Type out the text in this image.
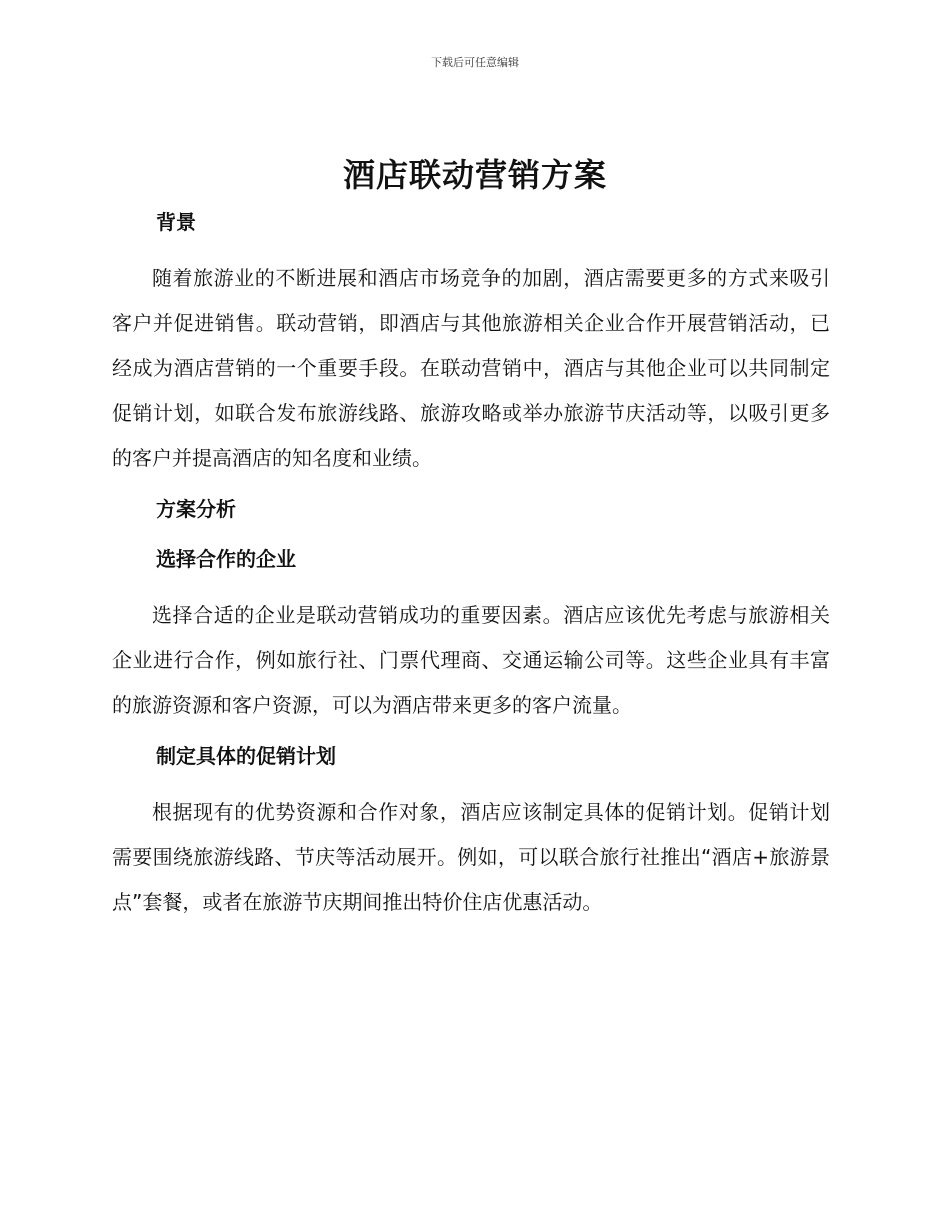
下载后可任意编辑
酒店联动营销方案
背景

随着旅游业的不断进展和酒店市场竞争的加剧，酒店需要更多的方式来吸引客户并促进销售。联动营销，即酒店与其他旅游相关企业合作开展营销活动，已经成为酒店营销的一个重要手段。在联动营销中，酒店与其他企业可以共同制定促销计划，如联合发布旅游线路、旅游攻略或举办旅游节庆活动等，以吸引更多的客户并提高酒店的知名度和业绩。

方案分析
选择合作的企业

选择合适的企业是联动营销成功的重要因素。酒店应该优先考虑与旅游相关企业进行合作，例如旅行社、门票代理商、交通运输公司等。这些企业具有丰富的旅游资源和客户资源，可以为酒店带来更多的客户流量。

制定具体的促销计划

根据现有的优势资源和合作对象，酒店应该制定具体的促销计划。促销计划需要围绕旅游线路、节庆等活动展开。例如，可以联合旅行社推出“酒店+旅游景点”套餐，或者在旅游节庆期间推出特价住店优惠活动。
